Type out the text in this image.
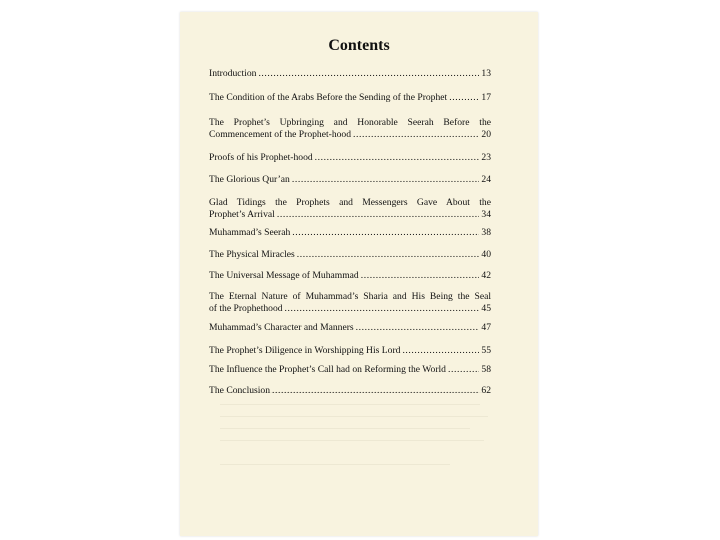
Contents
Introduction .....	13
The Condition of the Arabs Before the Sending of the Prophet .....	17
The Prophet’s Upbringing and Honorable Seerah Before the
Commencement of the Prophet-hood .....	20
Proofs of his Prophet-hood .....	23
The Glorious Qur’an .....	24
Glad Tidings the Prophets and Messengers Gave About the
Prophet’s Arrival .....	34
Muhammad’s Seerah .....	38
The Physical Miracles .....	40
The Universal Message of Muhammad .....	42
The Eternal Nature of Muhammad’s Sharia and His Being the Seal
of the Prophethood .....	45
Muhammad’s Character and Manners .....	47
The Prophet’s Diligence in Worshipping His Lord .....	55
The Influence the Prophet’s Call had on Reforming the World .....	58
The Conclusion .....	62
